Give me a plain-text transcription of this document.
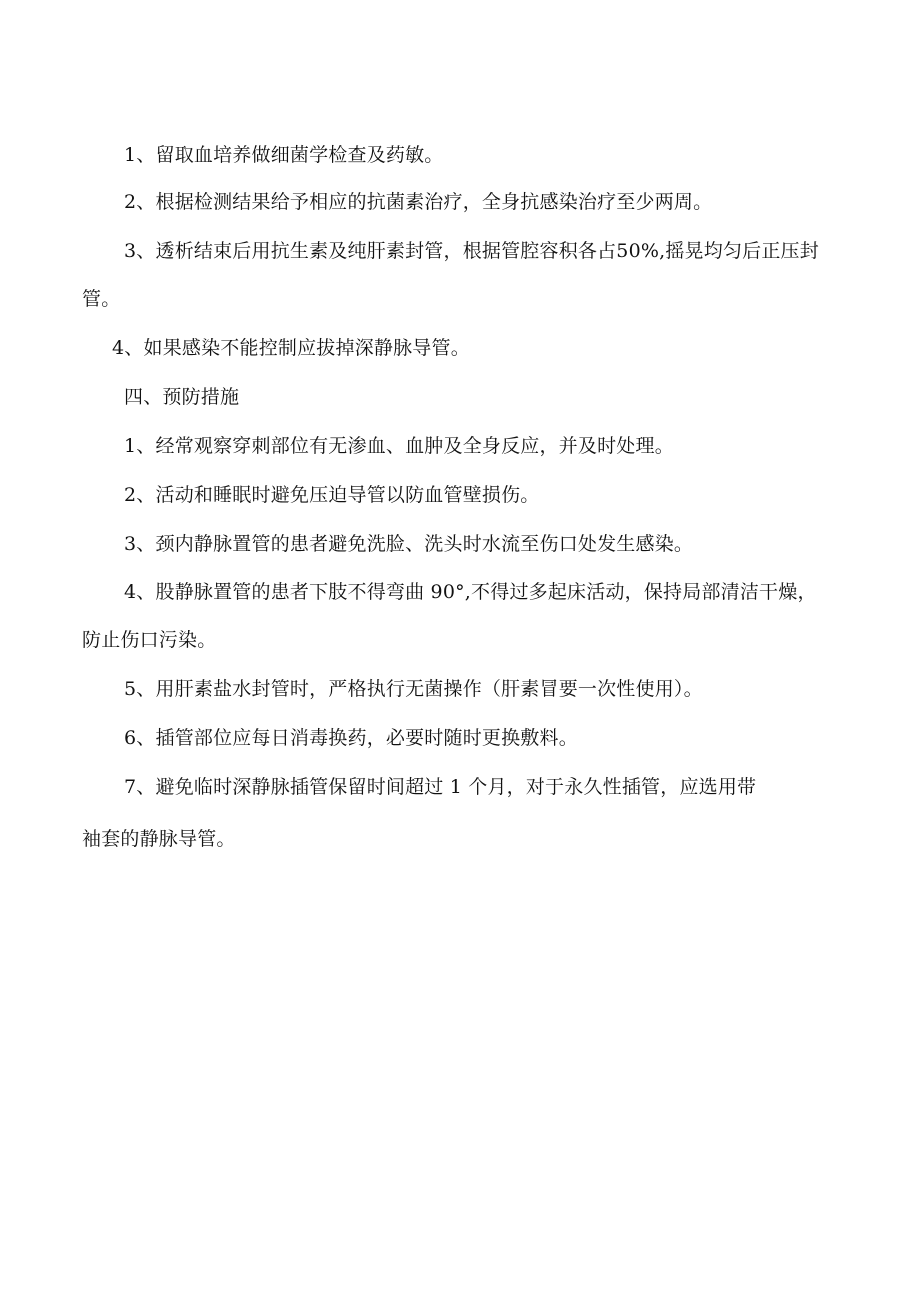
1、留取血培养做细菌学检查及药敏。
2、根据检测结果给予相应的抗菌素治疗，全身抗感染治疗至少两周。
3、透析结束后用抗生素及纯肝素封管，根据管腔容积各占50%,摇晃均匀后正压封
管。
4、如果感染不能控制应拔掉深静脉导管。
四、预防措施
1、经常观察穿刺部位有无渗血、血肿及全身反应，并及时处理。
2、活动和睡眠时避免压迫导管以防血管壁损伤。
3、颈内静脉置管的患者避免洗脸、洗头时水流至伤口处发生感染。
4、股静脉置管的患者下肢不得弯曲 90°,不得过多起床活动，保持局部清洁干燥，
防止伤口污染。
5、用肝素盐水封管时，严格执行无菌操作（肝素冒要一次性使用）。
6、插管部位应每日消毒换药，必要时随时更换敷料。
7、避免临时深静脉插管保留时间超过 1 个月，对于永久性插管，应选用带
袖套的静脉导管。
